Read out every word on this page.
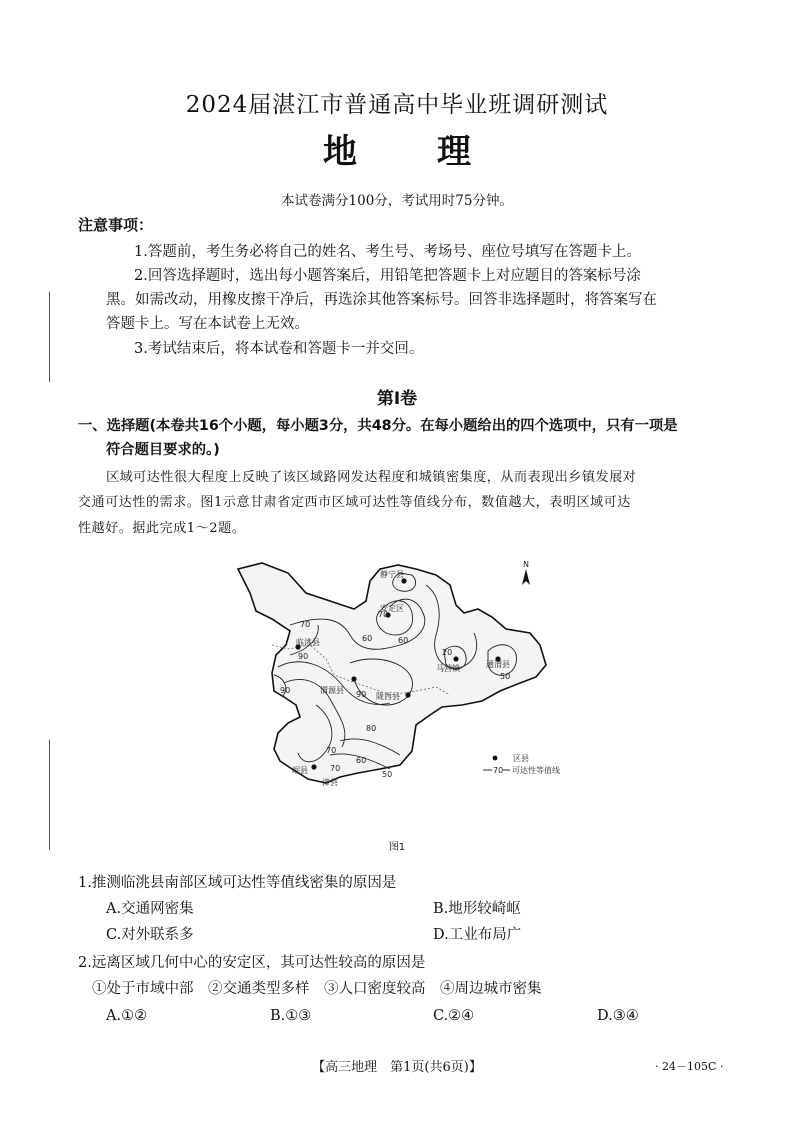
2024届湛江市普通高中毕业班调研测试
地 理
本试卷满分100分，考试用时75分钟。
注意事项：
1.答题前，考生务必将自己的姓名、考生号、考场号、座位号填写在答题卡上。
2.回答选择题时，选出每小题答案后，用铅笔把答题卡上对应题目的答案标号涂
黑。如需改动，用橡皮擦干净后，再选涂其他答案标号。回答非选择题时，将答案写在
答题卡上。写在本试卷上无效。
3.考试结束后，将本试卷和答题卡一并交回。
第Ⅰ卷
一、选择题(本卷共16个小题，每小题3分，共48分。在每小题给出的四个选项中，只有一项是
符合题目要求的。)
区域可达性很大程度上反映了该区域路网发达程度和城镇密集度，从而表现出乡镇发展对
交通可达性的需求。图1示意甘肃省定西市区域可达性等值线分布，数值越大，表明区域可达
性越好。据此完成1～2题。
静宁县
安定区
临洮县
马营镇	通渭县
渭源县
陇西县
岷县
漳县
70
60	60
70
90	20
50
90
80
70
60
50
70
90
N
区县
70 可达性等值线
图1
1.推测临洮县南部区域可达性等值线密集的原因是
A.交通网密集	B.地形较崎岖
C.对外联系多	D.工业布局广
2.远离区域几何中心的安定区，其可达性较高的原因是
①处于市域中部　②交通类型多样　③人口密度较高　④周边城市密集
A.①②	B.①③	C.②④	D.③④
【高三地理　第1页(共6页)】	· 24－105C ·
